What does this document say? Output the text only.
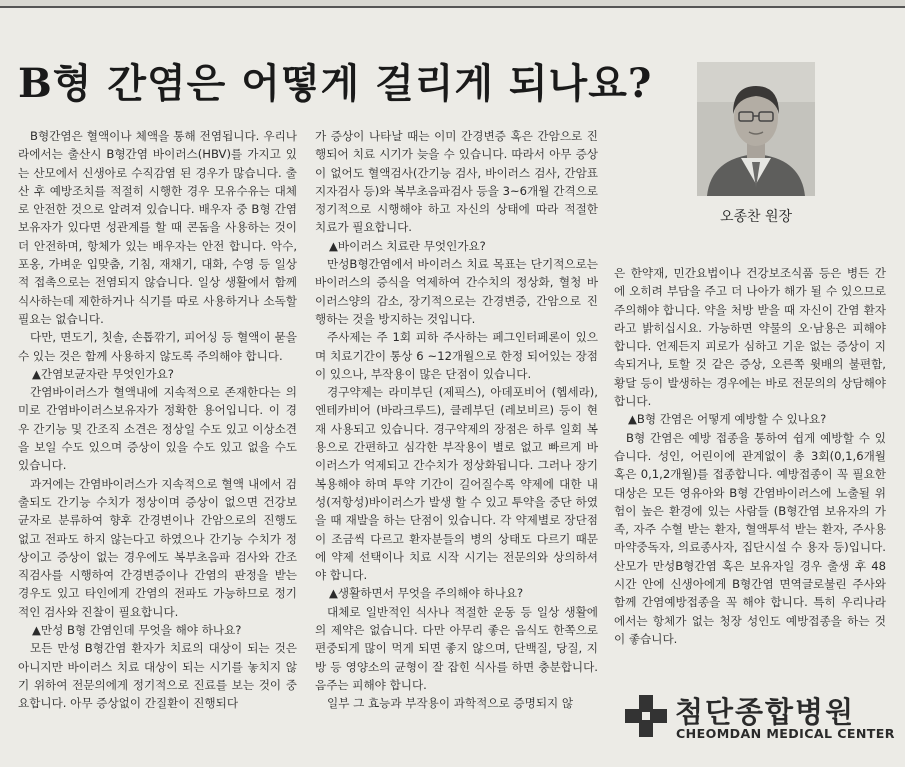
B형 간염은 어떻게 걸리게 되나요?

B형간염은 혈액이나 체액을 통해 전염됩니다. 우리나라에서는 출산시 B형간염 바이러스(HBV)를 가지고 있는 산모에서 신생아로 수직감염 된 경우가 많습니다. 출산 후 예방조치를 적절히 시행한 경우 모유수유는 대체로 안전한 것으로 알려져 있습니다. 배우자 중 B형 간염 보유자가 있다면 성관계를 할 때 콘돔을 사용하는 것이 더 안전하며, 항체가 있는 배우자는 안전 합니다. 악수, 포옹, 가벼운 입맞춤, 기침, 재채기, 대화, 수영 등 일상적 접촉으로는 전염되지 않습니다. 일상 생활에서 함께 식사하는데 제한하거나 식기를 따로 사용하거나 소독할 필요는 없습니다.

다만, 면도기, 칫솔, 손톱깎기, 피어싱 등 혈액이 묻을 수 있는 것은 함께 사용하지 않도록 주의해야 합니다.

▲간염보균자란 무엇인가요?

간염바이러스가 혈액내에 지속적으로 존재한다는 의미로 간염바이러스보유자가 정확한 용어입니다. 이 경우 간기능 및 간조직 소견은 정상일 수도 있고 이상소견을 보일 수도 있으며 증상이 있을 수도 있고 없을 수도 있습니다.

과거에는 간염바이러스가 지속적으로 혈액 내에서 검출되도 간기능 수치가 정상이며 증상이 없으면 건강보균자로 분류하여 향후 간경변이나 간암으로의 진행도 없고 전파도 하지 않는다고 하였으나 간기능 수치가 정상이고 증상이 없는 경우에도 복부초음파 검사와 간조직검사를 시행하여 간경변증이나 간염의 판정을 받는 경우도 있고 타인에게 간염의 전파도 가능하므로 정기적인 검사와 진찰이 필요합니다.

▲만성 B형 간염인데 무엇을 해야 하나요?

모든 만성 B형간염 환자가 치료의 대상이 되는 것은 아니지만 바이러스 치료 대상이 되는 시기를 놓치지 않기 위하여 전문의에게 정기적으로 진료를 보는 것이 중요합니다. 아무 증상없이 간질환이 진행되다

가 증상이 나타날 때는 이미 간경변증 혹은 간암으로 진행되어 치료 시기가 늦을 수 있습니다. 따라서 아무 증상이 없어도 혈액검사(간기능 검사, 바이러스 검사, 간암표지자검사 등)와 복부초음파검사 등을 3~6개월 간격으로 정기적으로 시행해야 하고 자신의 상태에 따라 적절한 치료가 필요합니다.

▲바이러스 치료란 무엇인가요?

만성B형간염에서 바이러스 치료 목표는 단기적으로는 바이러스의 증식을 억제하여 간수치의 정상화, 혈청 바이러스양의 감소, 장기적으로는 간경변증, 간암으로 진행하는 것을 방지하는 것입니다.

주사제는 주 1회 피하 주사하는 페그인터페론이 있으며 치료기간이 통상 6 ~12개월으로 한정 되어있는 장점이 있으나, 부작용이 많은 단점이 있습니다.

경구약제는 라미부딘 (제픽스), 아데포비어 (헵세라), 엔테카비어 (바라크루드), 클레부딘 (레보비르) 등이 현재 사용되고 있습니다. 경구약제의 장점은 하루 일회 복용으로 간편하고 심각한 부작용이 별로 없고 빠르게 바이러스가 억제되고 간수치가 정상화됩니다. 그러나 장기복용해야 하며 투약 기간이 길어질수록 약제에 대한 내성(저항성)바이러스가 발생 할 수 있고 투약을 중단 하였을 때 재발을 하는 단점이 있습니다. 각 약제별로 장단점이 조금씩 다르고 환자분들의 병의 상태도 다르기 때문에 약제 선택이나 치료 시작 시기는 전문의와 상의하셔야 합니다.

▲생활하면서 무엇을 주의해야 하나요?

대체로 일반적인 식사나 적절한 운동 등 일상 생활에의 제약은 없습니다. 다만 아무리 좋은 음식도 한쪽으로 편중되게 많이 먹게 되면 좋지 않으며, 단백질, 당질, 지방 등 영양소의 균형이 잘 잡힌 식사를 하면 충분합니다. 음주는 피해야 합니다.

일부 그 효능과 부작용이 과학적으로 증명되지 않

오종찬 원장

은 한약재, 민간요법이나 건강보조식품 등은 병든 간에 오히려 부담을 주고 더 나아가 해가 될 수 있으므로 주의해야 합니다. 약을 처방 받을 때 자신이 간염 환자라고 밝히십시요. 가능하면 약물의 오·남용은 피해야 합니다. 언제든지 피로가 심하고 기운 없는 증상이 지속되거나, 토할 것 같은 증상, 오른쪽 윗배의 불편함, 황달 등이 발생하는 경우에는 바로 전문의의 상담해야 합니다.

▲B형 간염은 어떻게 예방할 수 있나요?

B형 간염은 예방 접종을 통하여 쉽게 예방할 수 있습니다. 성인, 어린이에 관계없이 총 3회(0,1,6개월 혹은 0,1,2개월)를 접종합니다. 예방접종이 꼭 필요한 대상은 모든 영유아와 B형 간염바이러스에 노출될 위험이 높은 환경에 있는 사람들 (B형간염 보유자의 가족, 자주 수혈 받는 환자, 혈액투석 받는 환자, 주사용 마약중독자, 의료종사자, 집단시설 수 용자 등)입니다. 산모가 만성B형간염 혹은 보유자일 경우 출생 후 48시간 안에 신생아에게 B형간염 면역글로불린 주사와 함께 간염예방접종을 꼭 해야 합니다. 특히 우리나라에서는 항체가 없는 청장 성인도 예방접종을 하는 것이 좋습니다.

첨단종합병원
CHEOMDAN MEDICAL CENTER
